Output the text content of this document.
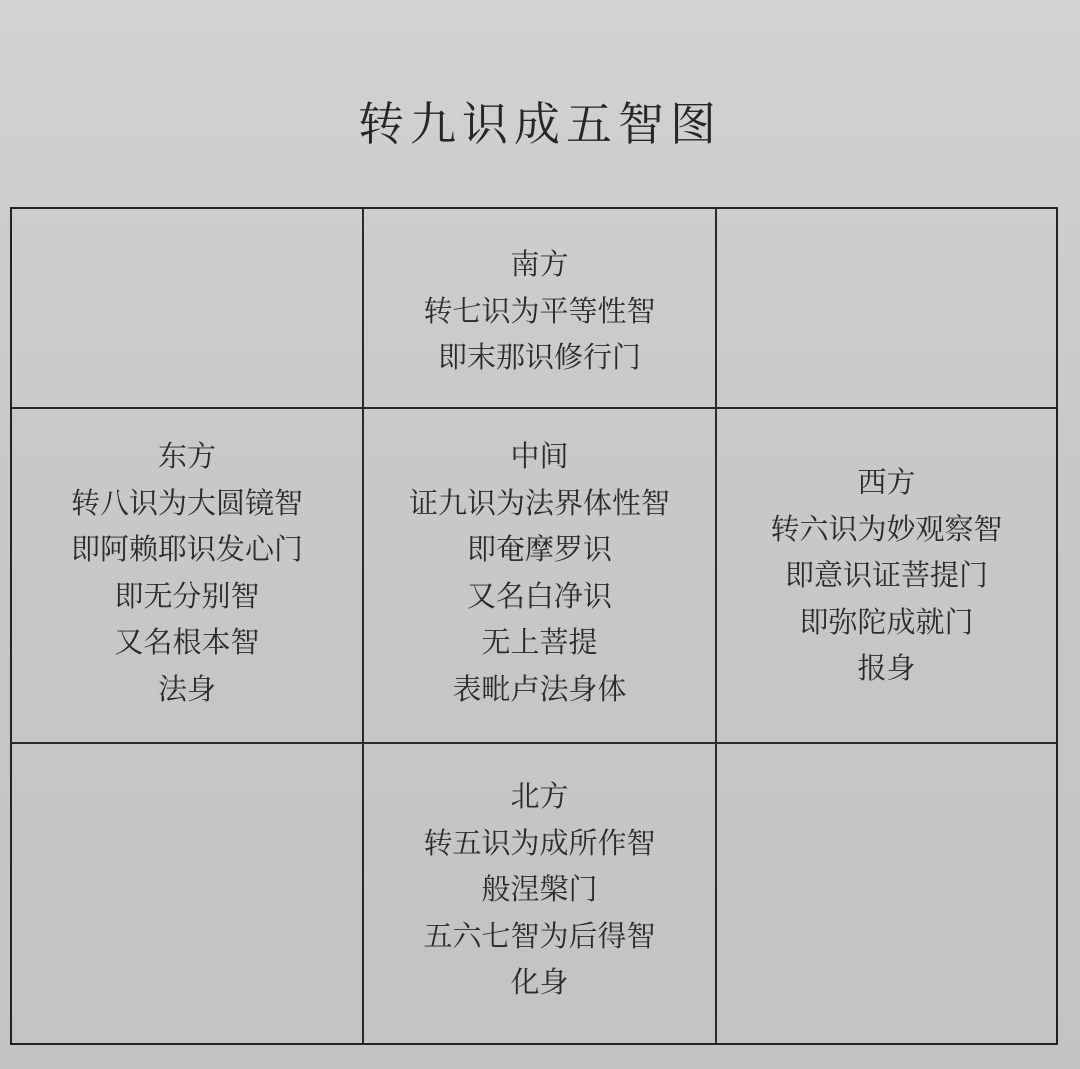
转九识成五智图
南方
转七识为平等性智
即末那识修行门
东方
转八识为大圆镜智
即阿赖耶识发心门
即无分别智
又名根本智
法身
中间
证九识为法界体性智
即奄摩罗识
又名白净识
无上菩提
表毗卢法身体
西方
转六识为妙观察智
即意识证菩提门
即弥陀成就门
报身
北方
转五识为成所作智
般涅槃门
五六七智为后得智
化身
